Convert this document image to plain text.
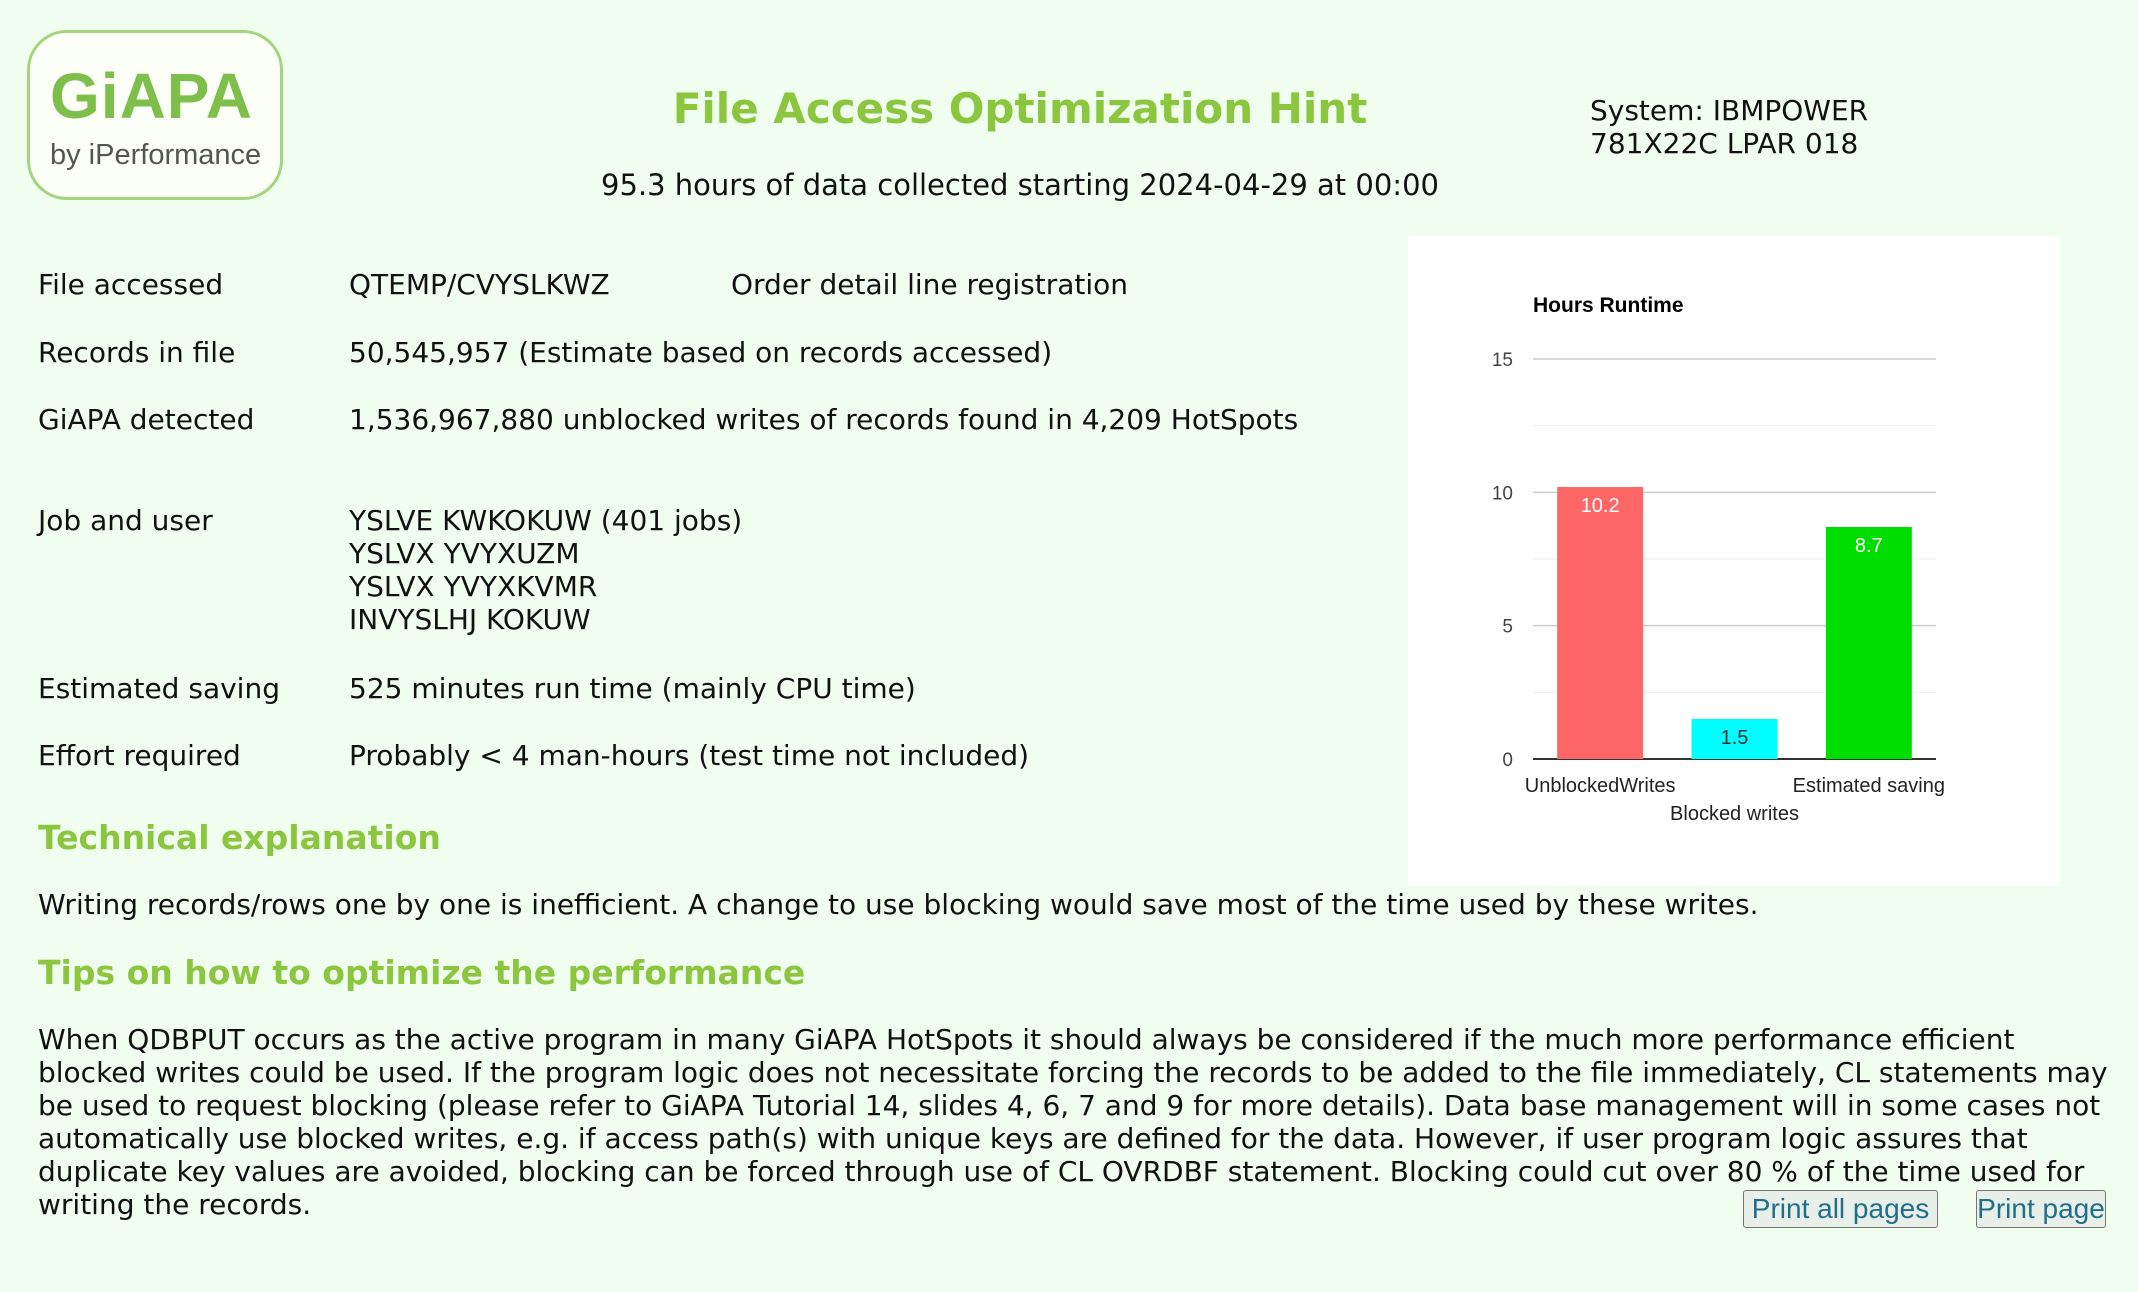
GiAPA
by iPerformance
File Access Optimization Hint
95.3 hours of data collected starting 2024-04-29 at 00:00
System: IBMPOWER
781X22C LPAR 018
File accessed	QTEMP/CVYSLKWZ	Order detail line registration
Records in file	50,545,957 (Estimate based on records accessed)
GiAPA detected	1,536,967,880 unblocked writes of records found in 4,209 HotSpots
Job and user	YSLVE KWKOKUW (401 jobs)
YSLVX YVYXUZM
YSLVX YVYXKVMR
INVYSLHJ KOKUW
Estimated saving 525 minutes run time (mainly CPU time)
Effort required	Probably < 4 man-hours (test time not included)
Hours Runtime
0
5
10
15
10.2
UnblockedWrites
1.5
Blocked writes
8.7
Estimated saving
Technical explanation
Writing records/rows one by one is inefficient. A change to use blocking would save most of the time used by these writes.
Tips on how to optimize the performance
When QDBPUT occurs as the active program in many GiAPA HotSpots it should always be considered if the much more performance efficient blocked writes could be used. If the program logic does not necessitate forcing the records to be added to the file immediately, CL statements may be used to request blocking (please refer to GiAPA Tutorial 14, slides 4, 6, 7 and 9 for more details). Data base management will in some cases not automatically use blocked writes, e.g. if access path(s) with unique keys are defined for the data. However, if user program logic assures that duplicate key values are avoided, blocking can be forced through use of CL OVRDBF statement. Blocking could cut over 80 % of the time used for writing the records.	Print all pages	Print page
